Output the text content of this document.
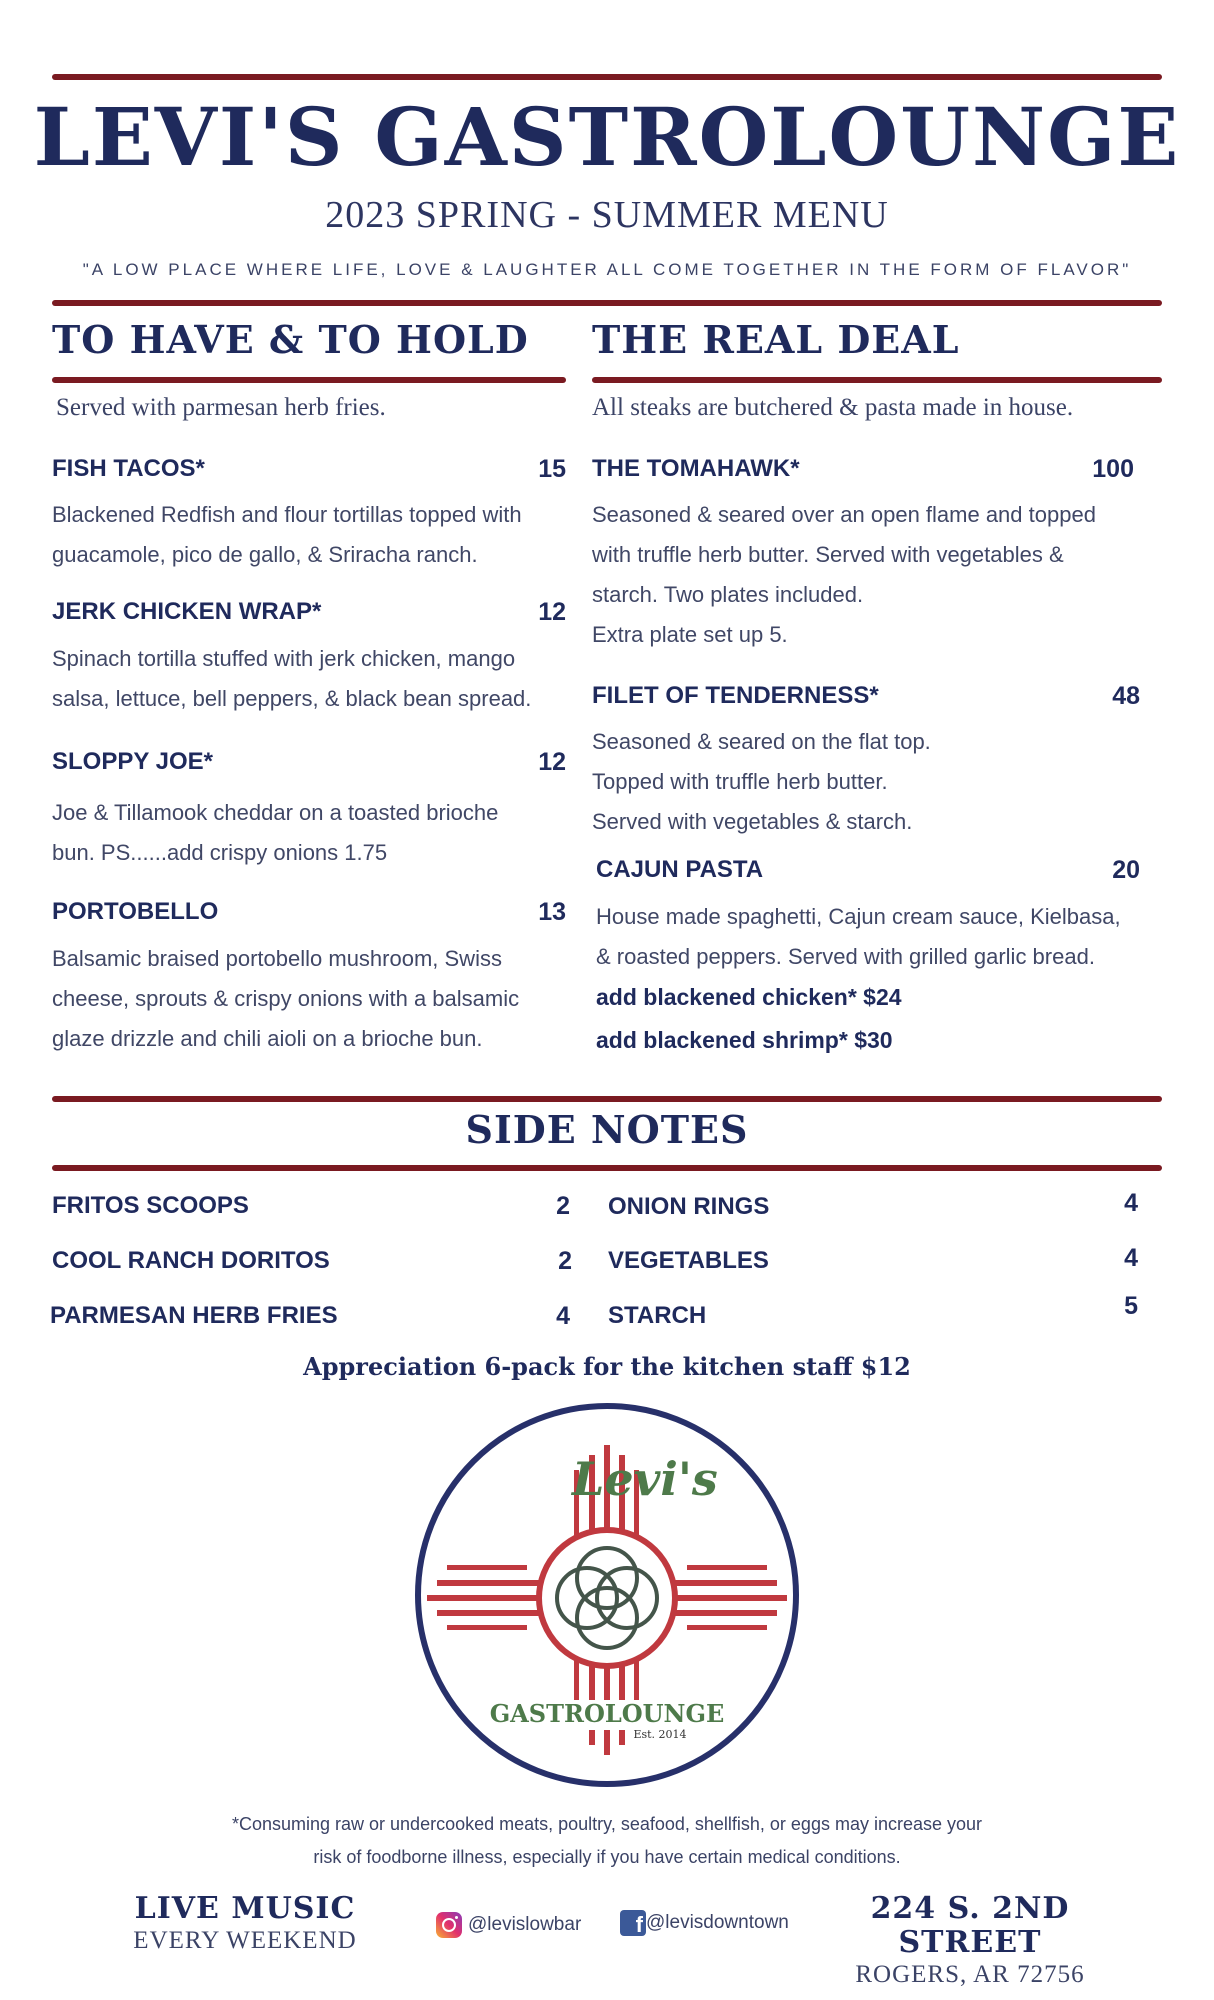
LEVI'S GASTROLOUNGE
2023 SPRING - SUMMER MENU
"A LOW PLACE WHERE LIFE, LOVE & LAUGHTER ALL COME TOGETHER IN THE FORM OF FLAVOR"
TO HAVE & TO HOLD
Served with parmesan herb fries.
FISH TACOS*	15
Blackened Redfish and flour tortillas topped with
guacamole, pico de gallo, & Sriracha ranch.
JERK CHICKEN WRAP*	12
Spinach tortilla stuffed with jerk chicken, mango
salsa, lettuce, bell peppers, & black bean spread.
SLOPPY JOE*	12
Joe & Tillamook cheddar on a toasted brioche
bun. PS......add crispy onions 1.75
PORTOBELLO	13
Balsamic braised portobello mushroom, Swiss
cheese, sprouts & crispy onions with a balsamic
glaze drizzle and chili aioli on a brioche bun.
THE REAL DEAL
All steaks are butchered & pasta made in house.
THE TOMAHAWK*	100
Seasoned & seared over an open flame and topped
with truffle herb butter. Served with vegetables &
starch. Two plates included.
Extra plate set up 5.
FILET OF TENDERNESS*	48
Seasoned & seared on the flat top.
Topped with truffle herb butter.
Served with vegetables & starch.
CAJUN PASTA	20
House made spaghetti, Cajun cream sauce, Kielbasa,
& roasted peppers. Served with grilled garlic bread.
add blackened chicken* $24
add blackened shrimp* $30
SIDE NOTES
FRITOS SCOOPS	2
COOL RANCH DORITOS	2
PARMESAN HERB FRIES	4
ONION RINGS	4
VEGETABLES	4
STARCH	5
Appreciation 6-pack for the kitchen staff $12
Levi's
GASTROLOUNGE
Est. 2014
*Consuming raw or undercooked meats, poultry, seafood, shellfish, or eggs may increase your
risk of foodborne illness, especially if you have certain medical conditions.
LIVE MUSIC
EVERY WEEKEND
@levislowbar	f @levisdowntown	224 S. 2ND STREET
ROGERS, AR 72756
